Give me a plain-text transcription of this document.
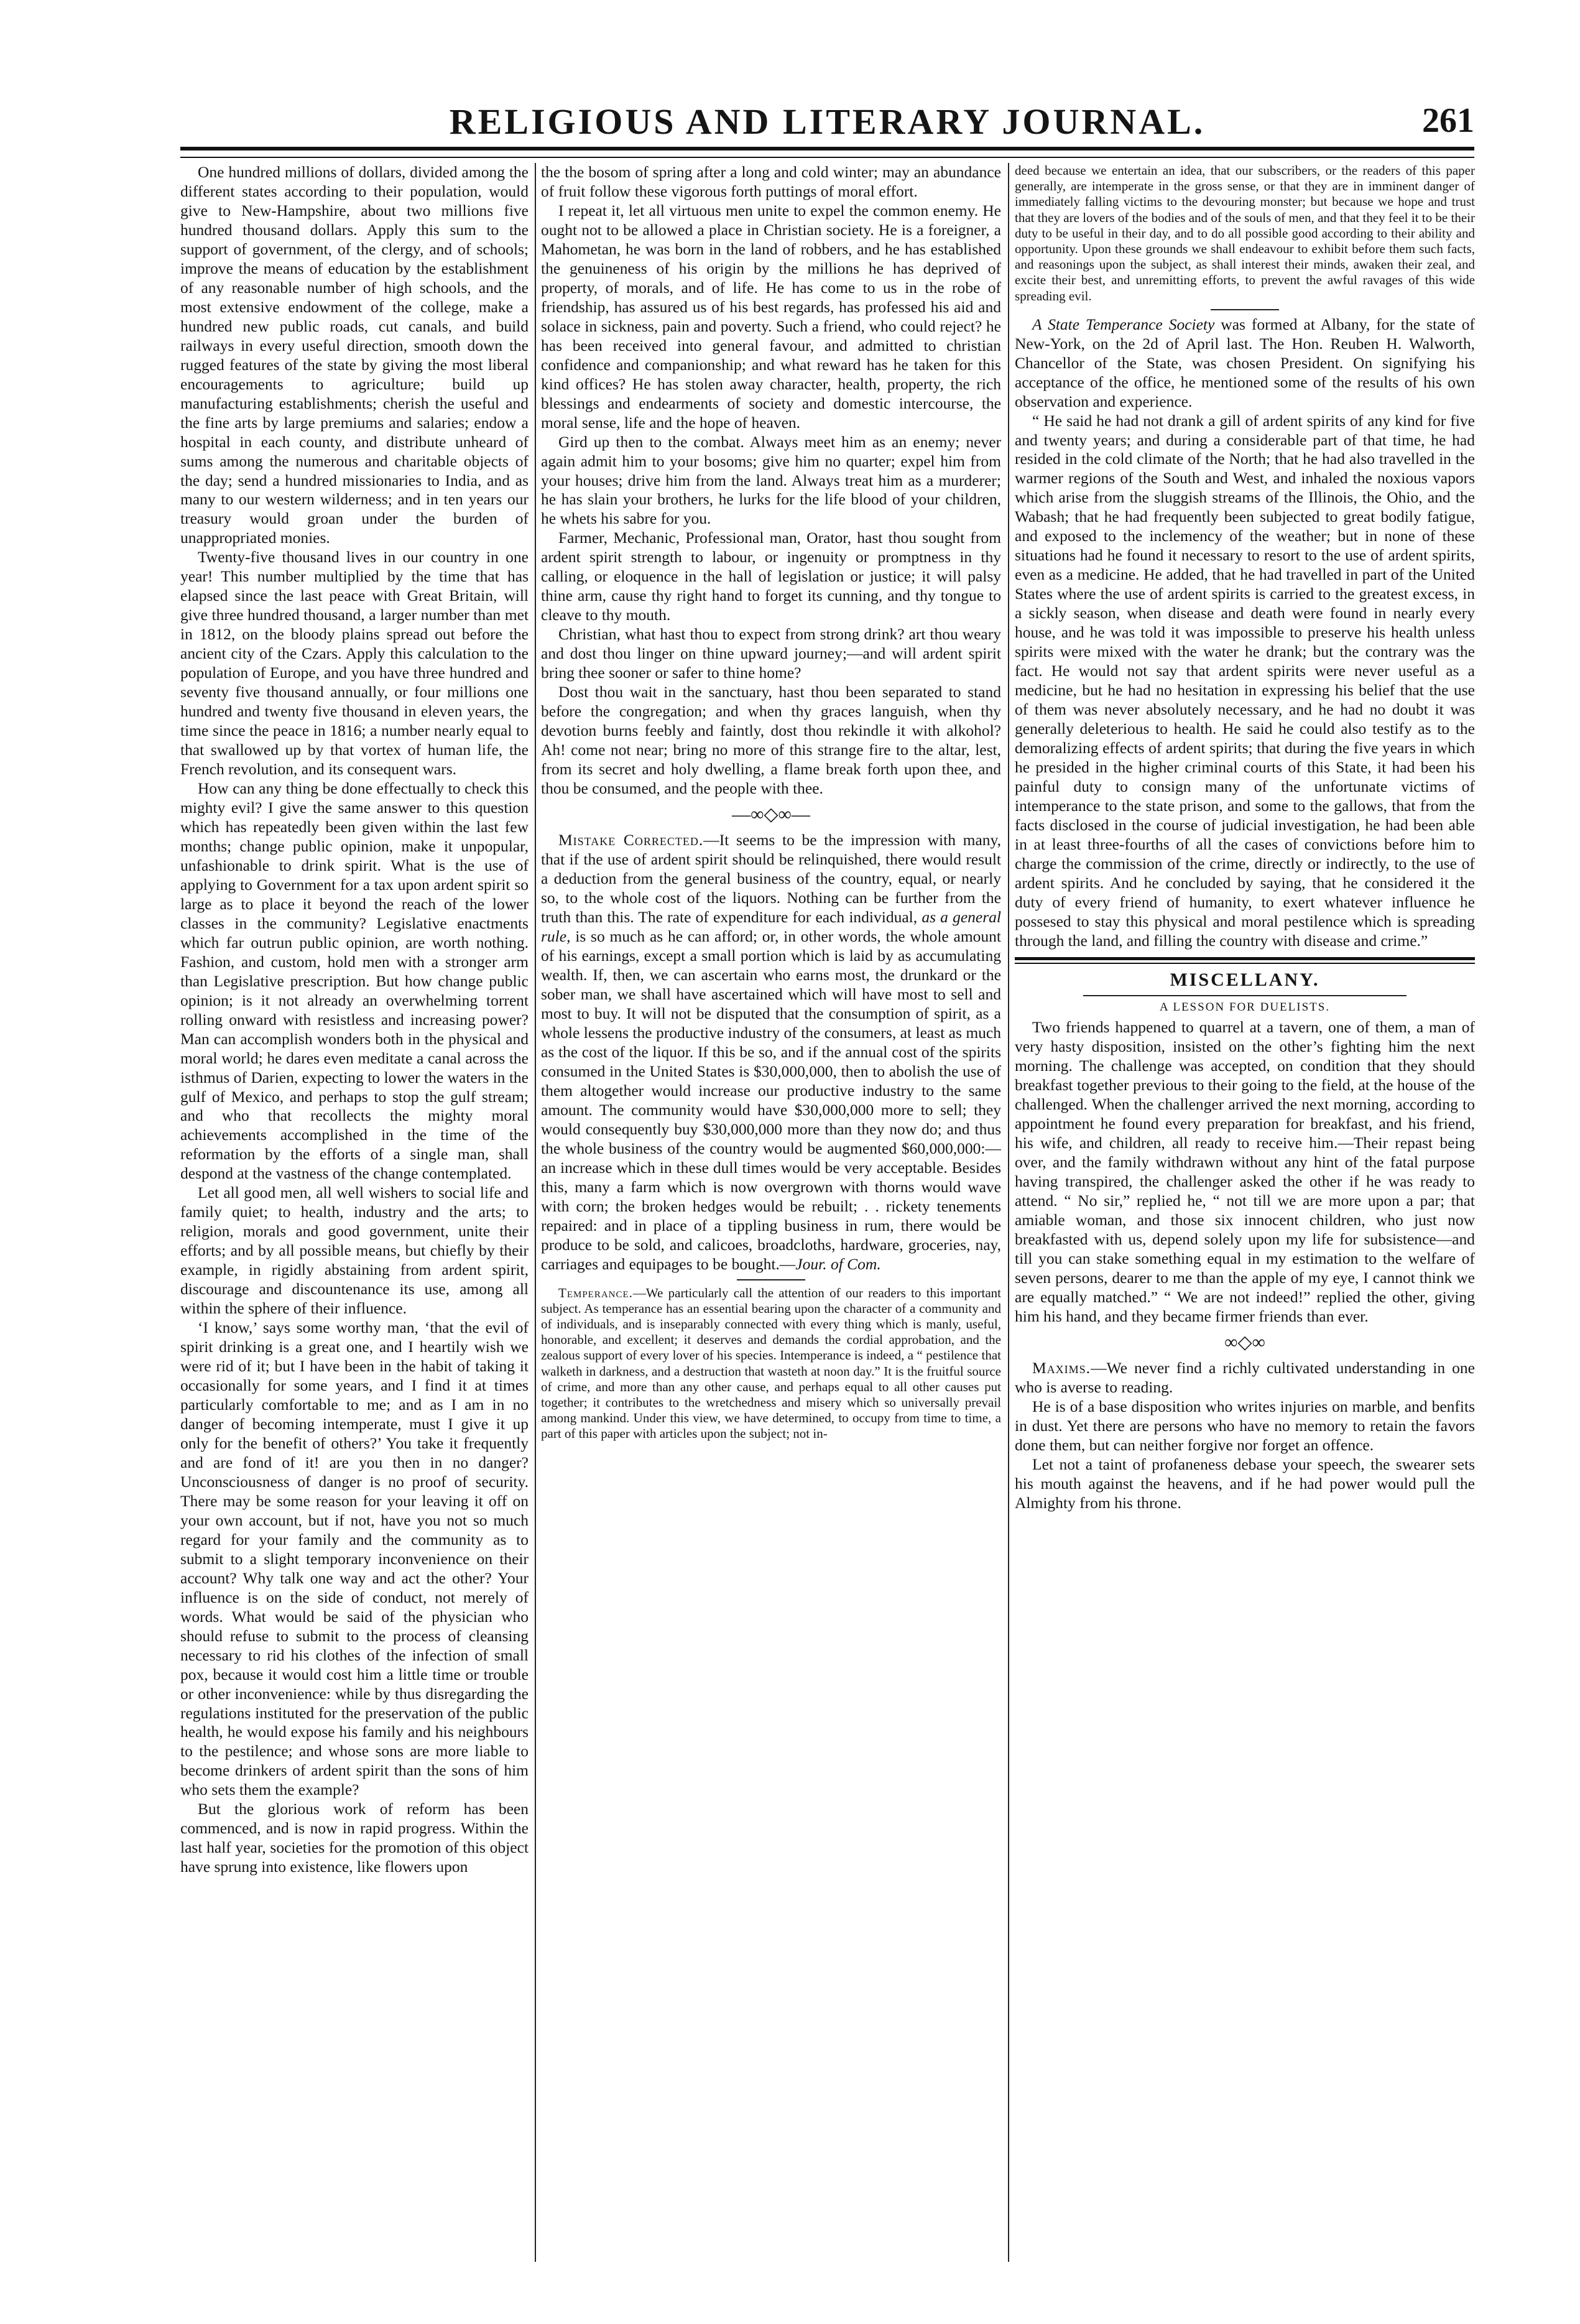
RELIGIOUS AND LITERARY JOURNAL.	261

One hundred millions of dollars, divided among the different states according to their population, would give to New-Hampshire, about two millions five hundred thousand dollars. Apply this sum to the support of government, of the clergy, and of schools; improve the means of education by the establishment of any reasonable number of high schools, and the most extensive endowment of the college, make a hundred new public roads, cut canals, and build railways in every useful direction, smooth down the rugged features of the state by giving the most liberal encouragements to agriculture; build up manufacturing establishments; cherish the useful and the fine arts by large premiums and salaries; endow a hospital in each county, and distribute unheard of sums among the numerous and charitable objects of the day; send a hundred missionaries to India, and as many to our western wilderness; and in ten years our treasury would groan under the burden of unappropriated monies.

Twenty-five thousand lives in our country in one year! This number multiplied by the time that has elapsed since the last peace with Great Britain, will give three hundred thousand, a larger number than met in 1812, on the bloody plains spread out before the ancient city of the Czars. Apply this calculation to the population of Europe, and you have three hundred and seventy five thousand annually, or four millions one hundred and twenty five thousand in eleven years, the time since the peace in 1816; a number nearly equal to that swallowed up by that vortex of human life, the French revolution, and its consequent wars.

How can any thing be done effectually to check this mighty evil? I give the same answer to this question which has repeatedly been given within the last few months; change public opinion, make it unpopular, unfashionable to drink spirit. What is the use of applying to Government for a tax upon ardent spirit so large as to place it beyond the reach of the lower classes in the community? Legislative enactments which far outrun public opinion, are worth nothing. Fashion, and custom, hold men with a stronger arm than Legislative prescription. But how change public opinion; is it not already an overwhelming torrent rolling onward with resistless and increasing power? Man can accomplish wonders both in the physical and moral world; he dares even meditate a canal across the isthmus of Darien, expecting to lower the waters in the gulf of Mexico, and perhaps to stop the gulf stream; and who that recollects the mighty moral achievements accomplished in the time of the reformation by the efforts of a single man, shall despond at the vastness of the change contemplated.

Let all good men, all well wishers to social life and family quiet; to health, industry and the arts; to religion, morals and good government, unite their efforts; and by all possible means, but chiefly by their example, in rigidly abstaining from ardent spirit, discourage and discountenance its use, among all within the sphere of their influence.

‘I know,’ says some worthy man, ‘that the evil of spirit drinking is a great one, and I heartily wish we were rid of it; but I have been in the habit of taking it occasionally for some years, and I find it at times particularly comfortable to me; and as I am in no danger of becoming intemperate, must I give it up only for the benefit of others?’ You take it frequently and are fond of it! are you then in no danger? Unconsciousness of danger is no proof of security. There may be some reason for your leaving it off on your own account, but if not, have you not so much regard for your family and the community as to submit to a slight temporary inconvenience on their account? Why talk one way and act the other? Your influence is on the side of conduct, not merely of words. What would be said of the physician who should refuse to submit to the process of cleansing necessary to rid his clothes of the infection of small pox, because it would cost him a little time or trouble or other inconvenience: while by thus disregarding the regulations instituted for the preservation of the public health, he would expose his family and his neighbours to the pestilence; and whose sons are more liable to become drinkers of ardent spirit than the sons of him who sets them the example?

But the glorious work of reform has been commenced, and is now in rapid progress. Within the last half year, societies for the promotion of this object have sprung into existence, like flowers upon

the the bosom of spring after a long and cold winter; may an abundance of fruit follow these vigorous forth puttings of moral effort.

I repeat it, let all virtuous men unite to expel the common enemy. He ought not to be allowed a place in Christian society. He is a foreigner, a Mahometan, he was born in the land of robbers, and he has established the genuineness of his origin by the millions he has deprived of property, of morals, and of life. He has come to us in the robe of friendship, has assured us of his best regards, has professed his aid and solace in sickness, pain and poverty. Such a friend, who could reject? he has been received into general favour, and admitted to christian confidence and companionship; and what reward has he taken for this kind offices? He has stolen away character, health, property, the rich blessings and endearments of society and domestic intercourse, the moral sense, life and the hope of heaven.

Gird up then to the combat. Always meet him as an enemy; never again admit him to your bosoms; give him no quarter; expel him from your houses; drive him from the land. Always treat him as a murderer; he has slain your brothers, he lurks for the life blood of your children, he whets his sabre for you.

Farmer, Mechanic, Professional man, Orator, hast thou sought from ardent spirit strength to labour, or ingenuity or promptness in thy calling, or eloquence in the hall of legislation or justice; it will palsy thine arm, cause thy right hand to forget its cunning, and thy tongue to cleave to thy mouth.

Christian, what hast thou to expect from strong drink? art thou weary and dost thou linger on thine upward journey;—and will ardent spirit bring thee sooner or safer to thine home?

Dost thou wait in the sanctuary, hast thou been separated to stand before the congregation; and when thy graces languish, when thy devotion burns feebly and faintly, dost thou rekindle it with alkohol? Ah! come not near; bring no more of this strange fire to the altar, lest, from its secret and holy dwelling, a flame break forth upon thee, and thou be consumed, and the people with thee.

—∞◇∞—

Mistake Corrected.—It seems to be the impression with many, that if the use of ardent spirit should be relinquished, there would result a deduction from the general business of the country, equal, or nearly so, to the whole cost of the liquors. Nothing can be further from the truth than this. The rate of expenditure for each individual, as a general rule, is so much as he can afford; or, in other words, the whole amount of his earnings, except a small portion which is laid by as accumulating wealth. If, then, we can ascertain who earns most, the drunkard or the sober man, we shall have ascertained which will have most to sell and most to buy. It will not be disputed that the consumption of spirit, as a whole lessens the productive industry of the consumers, at least as much as the cost of the liquor. If this be so, and if the annual cost of the spirits consumed in the United States is $30,000,000, then to abolish the use of them altogether would increase our productive industry to the same amount. The community would have $30,000,000 more to sell; they would consequently buy $30,000,000 more than they now do; and thus the whole business of the country would be augmented $60,000,000:—an increase which in these dull times would be very acceptable. Besides this, many a farm which is now overgrown with thorns would wave with corn; the broken hedges would be rebuilt; . . rickety tenements repaired: and in place of a tippling business in rum, there would be produce to be sold, and calicoes, broadcloths, hardware, groceries, nay, carriages and equipages to be bought.—Jour. of Com.

Temperance.—We particularly call the attention of our readers to this important subject. As temperance has an essential bearing upon the character of a community and of individuals, and is inseparably connected with every thing which is manly, useful, honorable, and excellent; it deserves and demands the cordial approbation, and the zealous support of every lover of his species. Intemperance is indeed, a “ pestilence that walketh in darkness, and a destruction that wasteth at noon day.” It is the fruitful source of crime, and more than any other cause, and perhaps equal to all other causes put together; it contributes to the wretchedness and misery which so universally prevail among mankind. Under this view, we have determined, to occupy from time to time, a part of this paper with articles upon the subject; not in-

deed because we entertain an idea, that our subscribers, or the readers of this paper generally, are intemperate in the gross sense, or that they are in imminent danger of immediately falling victims to the devouring monster; but because we hope and trust that they are lovers of the bodies and of the souls of men, and that they feel it to be their duty to be useful in their day, and to do all possible good according to their ability and opportunity. Upon these grounds we shall endeavour to exhibit before them such facts, and reasonings upon the subject, as shall interest their minds, awaken their zeal, and excite their best, and unremitting efforts, to prevent the awful ravages of this wide spreading evil.

A State Temperance Society was formed at Albany, for the state of New-York, on the 2d of April last. The Hon. Reuben H. Walworth, Chancellor of the State, was chosen President. On signifying his acceptance of the office, he mentioned some of the results of his own observation and experience.

“ He said he had not drank a gill of ardent spirits of any kind for five and twenty years; and during a considerable part of that time, he had resided in the cold climate of the North; that he had also travelled in the warmer regions of the South and West, and inhaled the noxious vapors which arise from the sluggish streams of the Illinois, the Ohio, and the Wabash; that he had frequently been subjected to great bodily fatigue, and exposed to the inclemency of the weather; but in none of these situations had he found it necessary to resort to the use of ardent spirits, even as a medicine. He added, that he had travelled in part of the United States where the use of ardent spirits is carried to the greatest excess, in a sickly season, when disease and death were found in nearly every house, and he was told it was impossible to preserve his health unless spirits were mixed with the water he drank; but the contrary was the fact. He would not say that ardent spirits were never useful as a medicine, but he had no hesitation in expressing his belief that the use of them was never absolutely necessary, and he had no doubt it was generally deleterious to health. He said he could also testify as to the demoralizing effects of ardent spirits; that during the five years in which he presided in the higher criminal courts of this State, it had been his painful duty to consign many of the unfortunate victims of intemperance to the state prison, and some to the gallows, that from the facts disclosed in the course of judicial investigation, he had been able in at least three-fourths of all the cases of convictions before him to charge the commission of the crime, directly or indirectly, to the use of ardent spirits. And he concluded by saying, that he considered it the duty of every friend of humanity, to exert whatever influence he possesed to stay this physical and moral pestilence which is spreading through the land, and filling the country with disease and crime.”

MISCELLANY.

A LESSON FOR DUELISTS.

Two friends happened to quarrel at a tavern, one of them, a man of very hasty disposition, insisted on the other’s fighting him the next morning. The challenge was accepted, on condition that they should breakfast together previous to their going to the field, at the house of the challenged. When the challenger arrived the next morning, according to appointment he found every preparation for breakfast, and his friend, his wife, and children, all ready to receive him.—Their repast being over, and the family withdrawn without any hint of the fatal purpose having transpired, the challenger asked the other if he was ready to attend. “ No sir,” replied he, “ not till we are more upon a par; that amiable woman, and those six innocent children, who just now breakfasted with us, depend solely upon my life for subsistence—and till you can stake something equal in my estimation to the welfare of seven persons, dearer to me than the apple of my eye, I cannot think we are equally matched.” “ We are not indeed!” replied the other, giving him his hand, and they became firmer friends than ever.

∞◇∞

Maxims.—We never find a richly cultivated understanding in one who is averse to reading.

He is of a base disposition who writes injuries on marble, and benfits in dust. Yet there are persons who have no memory to retain the favors done them, but can neither forgive nor forget an offence.

Let not a taint of profaneness debase your speech, the swearer sets his mouth against the heavens, and if he had power would pull the Almighty from his throne.
